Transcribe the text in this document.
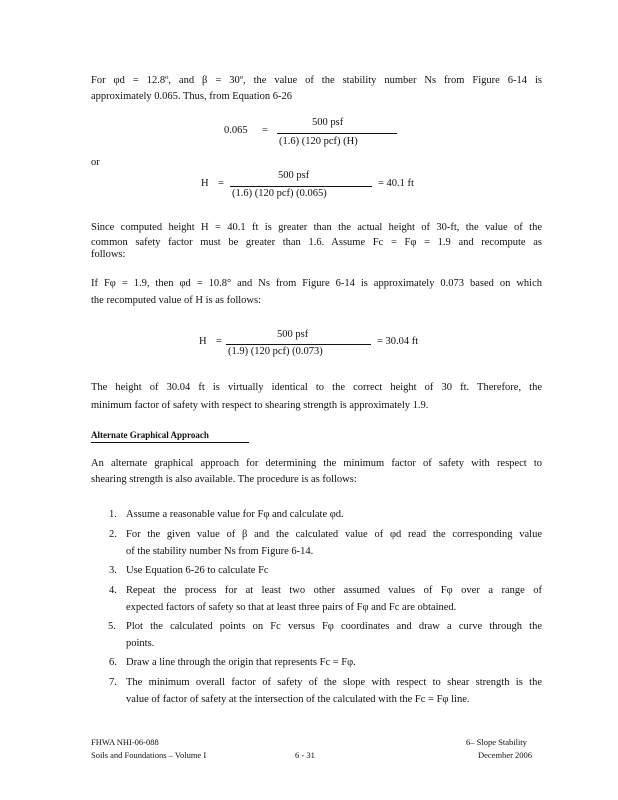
For φd = 12.8º, and β = 30º, the value of the stability number Ns from Figure 6-14 is
approximately 0.065. Thus, from Equation 6-26
0.065 =
500 psf
(1.6) (120 pcf) (H)
or
H =
500 psf
(1.6) (120 pcf) (0.065)
= 40.1 ft
Since computed height H = 40.1 ft is greater than the actual height of 30-ft, the value of the
common safety factor must be greater than 1.6. Assume Fc = Fφ = 1.9 and recompute as
follows:
If Fφ = 1.9, then φd = 10.8° and Ns from Figure 6-14 is approximately 0.073 based on which
the recomputed value of H is as follows:
H =
500 psf
(1.9) (120 pcf) (0.073)
= 30.04 ft
The height of 30.04 ft is virtually identical to the correct height of 30 ft. Therefore, the
minimum factor of safety with respect to shearing strength is approximately 1.9.
Alternate Graphical Approach
An alternate graphical approach for determining the minimum factor of safety with respect to
shearing strength is also available. The procedure is as follows:
1. Assume a reasonable value for Fφ and calculate φd.
2. For the given value of β and the calculated value of φd read the corresponding value
of the stability number Ns from Figure 6-14.
3. Use Equation 6-26 to calculate Fc
4. Repeat the process for at least two other assumed values of Fφ over a range of
expected factors of safety so that at least three pairs of Fφ and Fc are obtained.
5. Plot the calculated points on Fc versus Fφ coordinates and draw a curve through the
points.
6. Draw a line through the origin that represents Fc = Fφ.
7. The minimum overall factor of safety of the slope with respect to shear strength is the
value of factor of safety at the intersection of the calculated with the Fc = Fφ line.
FHWA NHI-06-088
Soils and Foundations – Volume I	6 - 31
6– Slope Stability
December 2006
